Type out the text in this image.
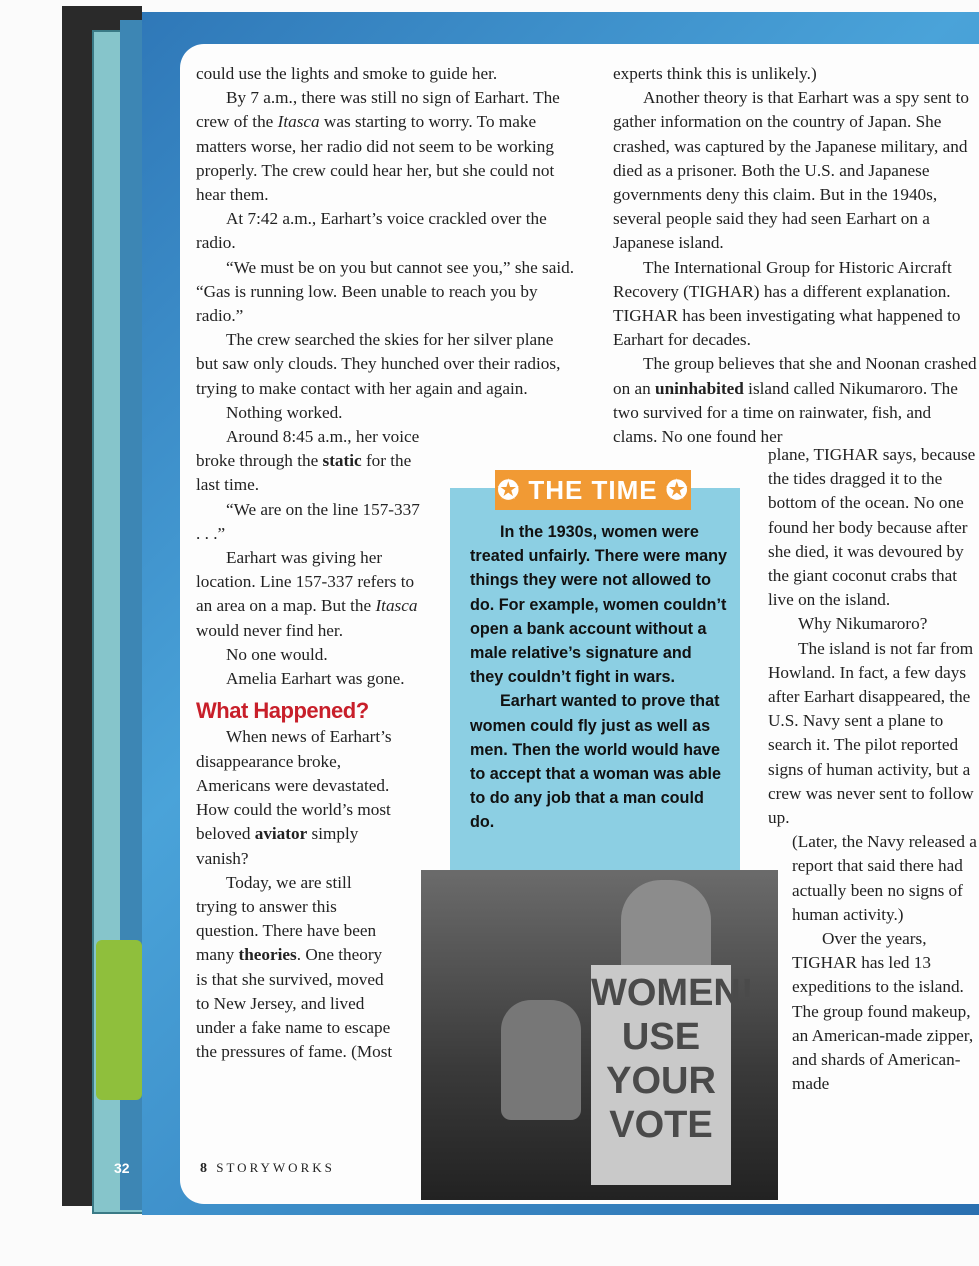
32

could use the lights and smoke to guide her.

By 7 a.m., there was still no sign of Earhart. The crew of the Itasca was starting to worry. To make matters worse, her radio did not seem to be working properly. The crew could hear her, but she could not hear them.

At 7:42 a.m., Earhart’s voice crackled over the radio.

“We must be on you but cannot see you,” she said. “Gas is running low. Been unable to reach you by radio.”

The crew searched the skies for her silver plane but saw only clouds. They hunched over their radios, trying to make contact with her again and again.

Nothing worked.

Around 8:45 a.m., her voice broke through the static for the last time.

“We are on the line 157-337 . . .”

Earhart was giving her location. Line 157-337 refers to an area on a map. But the Itasca would never find her.

No one would.

Amelia Earhart was gone.

What Happened?

When news of Earhart’s disappearance broke, Americans were devastated. How could the world’s most beloved aviator simply vanish?

Today, we are still trying to answer this question. There have been many theories. One theory is that she survived, moved to New Jersey, and lived under a fake name to escape the pressures of fame. (Most

experts think this is unlikely.)

Another theory is that Earhart was a spy sent to gather information on the country of Japan. She crashed, was captured by the Japanese military, and died as a prisoner. Both the U.S. and Japanese governments deny this claim. But in the 1940s, several people said they had seen Earhart on a Japanese island.

The International Group for Historic Aircraft Recovery (TIGHAR) has a different explanation. TIGHAR has been investigating what happened to Earhart for decades.

The group believes that she and Noonan crashed on an uninhabited island called Nikumaroro. The two survived for a time on rainwater, fish, and clams. No one found her

plane, TIGHAR says, because the tides dragged it to the bottom of the ocean. No one found her body because after she died, it was devoured by the giant coconut crabs that live on the island.

Why Nikumaroro?

The island is not far from Howland. In fact, a few days after Earhart disappeared, the U.S. Navy sent a plane to search it. The pilot reported signs of human activity, but a crew was never sent to follow up.

(Later, the Navy released a report that said there had actually been no signs of human activity.)

Over the years, TIGHAR has led 13 expeditions to the island. The group found makeup, an American-made zipper, and shards of American-made

✪ THE TIME ✪

In the 1930s, women were treated unfairly. There were many things they were not allowed to do. For example, women couldn’t open a bank account without a male relative’s signature and they couldn’t fight in wars.

Earhart wanted to prove that women could fly just as well as men. Then the world would have to accept that a woman was able to do any job that a man could do.

WOMEN! USE YOUR VOTE
8 STORYWORKS
